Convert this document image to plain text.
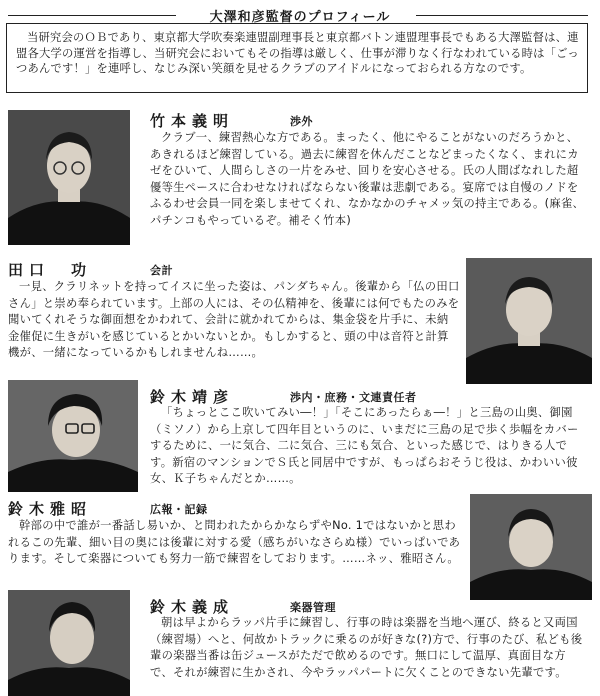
大澤和彦監督のプロフィール
当研究会のＯＢであり、東京都大学吹奏楽連盟副理事長と東京都バトン連盟理事長でもある大澤監督は、連盟各大学の運営を指導し、当研究会においてもその指導は厳しく、仕事が滞りなく行なわれている時は「ごっつあんです！」を連呼し、なじみ深い笑顔を見せるクラブのアイドルになっておられる方なのです。
竹本義明	渉外
クラブ一、練習熱心な方である。まったく、他にやることがないのだろうかと、あきれるほど練習している。過去に練習を休んだことなどまったくなく、まれにカゼをひいて、人間らしさの一片をみせ、回りを安心させる。氏の人間ばなれした超優等生ペースに合わせなければならない後輩は悲劇である。宴席では自慢のノドをふるわせ会員一同を楽しませてくれ、なかなかのチャメッ気の持主である。(麻雀、パチンコもやっているぞ。補そく竹本)
田口　功	会計
一見、クラリネットを持ってイスに坐った姿は、パンダちゃん。後輩から「仏の田口さん」と崇め奉られています。上部の人には、その仏精神を、後輩には何でもたのみを聞いてくれそうな御面想をかわれて、会計に就かれてからは、集金袋を片手に、未納金催促に生きがいを感じているとかいないとか。もしかすると、頭の中は音符と計算機が、一緒になっているかもしれませんね……。
鈴木靖彦	渉内・庶務・文連責任者
「ちょっとここ吹いてみい―！」「そこにあったらぁ―！」と三島の山奥、御園（ミソノ）から上京して四年目というのに、いまだに三島の足で歩く歩幅をカバーするために、一に気合、二に気合、三にも気合、といった感じで、はりきる人です。新宿のマンションでＳ氏と同居中ですが、もっぱらおそうじ役は、かわいい彼女、Ｋ子ちゃんだとか……。
鈴木雅昭	広報・記録
幹部の中で誰が一番話し易いか、と問われたからかならずやNo. 1ではないかと思われるこの先輩、細い目の奥には後輩に対する愛（感ちがいなさらぬ様）でいっぱいであります。そして楽器についても努力一筋で練習をしております。……ネッ、雅昭さん。
鈴木義成	楽器管理
朝は早よからラッパ片手に練習し、行事の時は楽器を当地へ運び、終ると又両国（練習場）へと、何故かトラックに乗るのが好きな(?)方で、行事のたび、私ども後輩の楽器当番は缶ジュースがただで飲めるのです。無口にして温厚、真面目な方で、それが練習に生かされ、今やラッパパートに欠くことのできない先輩です。
